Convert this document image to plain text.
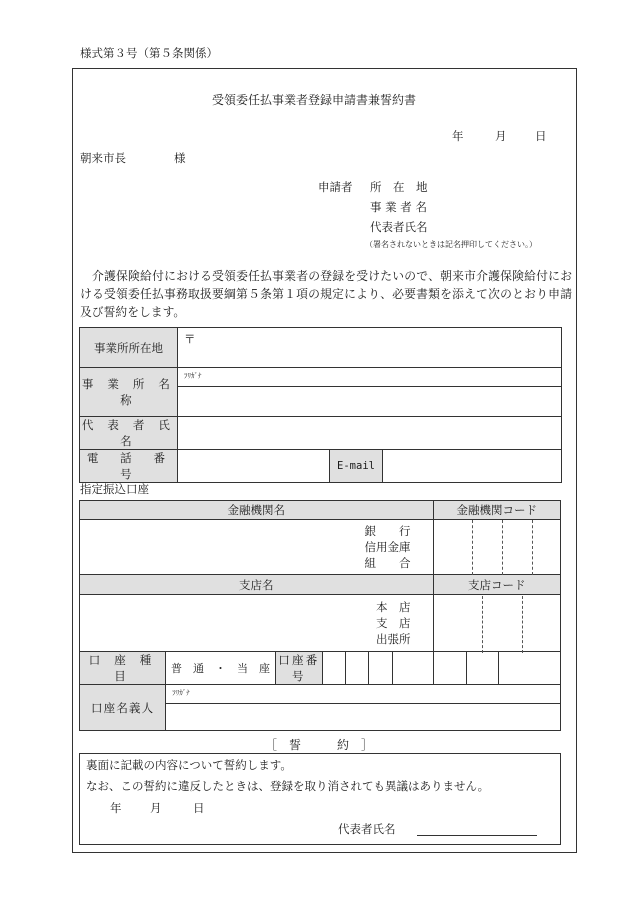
様式第３号（第５条関係）
受領委任払事業者登録申請書兼誓約書
年	月 日
朝来市長	様
申請者 所　在　地
事 業 者 名
代表者氏名
（署名されないときは記名押印してください。）
　介護保険給付における受領委任払事業者の登録を受けたいので、朝来市介護保険給付における受領委任払事務取扱要綱第５条第１項の規定により、必要書類を添えて次のとおり申請及び誓約をします。
事業所所在地	〒		
事 業 所 名 称	ﾌﾘｶﾞﾅ		

代 表 者 氏 名			
電　話　番　号		E-mail	
指定振込口座
金融機関名							金融機関コード		

銀　　行
信用金庫
組　　合									

支店名							支店コード		

本　店
支　店
出張所									

口 座 種 目	普　通　・　当　座	口座番号							
口座名義人	ﾌﾘｶﾞﾅ								

［　誓　　　約　］
裏面に記載の内容について誓約します。
なお、この誓約に違反したときは、登録を取り消されても異議はありません。
年 月	日
代表者氏名
